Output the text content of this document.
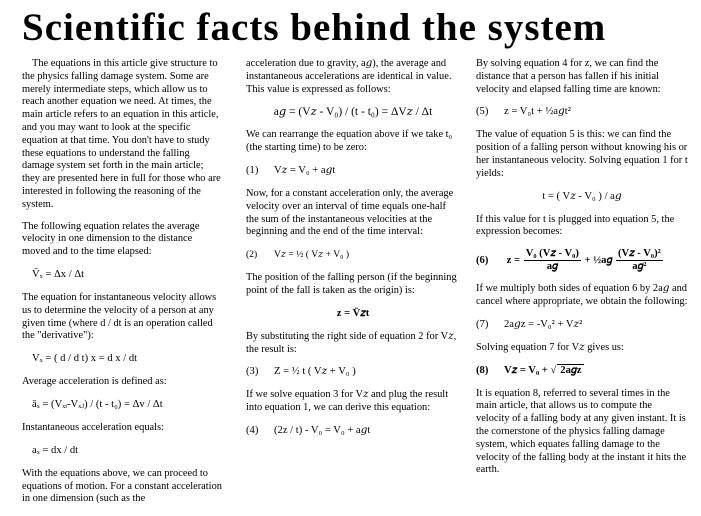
Scientific facts behind the system

The equations in this article give structure to the physics falling damage system. Some are merely intermediate steps, which allow us to reach another equation we need. At times, the main article refers to an equation in this article, and you may want to look at the specific equation at that time. You don't have to study these equations to understand the falling damage system set forth in the main article; they are presented here in full for those who are interested in following the reasoning of the system.

The following equation relates the average velocity in one dimension to the distance moved and to the time elapsed:

V̄ₓ = Δx / Δt

The equation for instantaneous velocity allows us to determine the velocity of a person at any given time (where d / dt is an operation called the "derivative"):

Vₓ = ( d / d t) x = d x / dt

Average acceleration is defined as:

āₓ = (Vₓᵢ-Vₓⱼ) / (t - t₀) = Δv / Δt

Instantaneous acceleration equals:

aₓ = dx / dt

With the equations above, we can proceed to equations of motion. For a constant acceleration in one dimension (such as the

acceleration due to gravity, a𝑔), the average and instantaneous accelerations are identical in value. This value is expressed as follows:

a𝑔 = (V𝑧 - V₀) / (t - t₀) = ΔV𝑧 / Δt

We can rearrange the equation above if we take t₀ (the starting time) to be zero:

(1) V𝑧 = V₀ + a𝑔t

Now, for a constant acceleration only, the average velocity over an interval of time equals one-half the sum of the instantaneous velocities at the beginning and the end of the time interval:

(2) V𝑧 = ½ ( V𝑧 + V₀ )

The position of the falling person (if the beginning point of the fall is taken as the origin) is:

z = V̄𝑧t

By substituting the right side of equation 2 for V𝑧, the result is:

(3) Z = ½ t ( V𝑧 + V₀ )

If we solve equation 3 for V𝑧 and plug the result into equation 1, we can derive this equation:

(4) (2z / t) - V₀ = V₀ + a𝑔t

By solving equation 4 for z, we can find the distance that a person has fallen if his initial velocity and elapsed falling time are known:

(5) z = V₀t + ½a𝑔t²

The value of equation 5 is this: we can find the position of a falling person without knowing his or her instantaneous velocity. Solving equation 1 for t yields:

t = ( V𝑧 - V₀ ) / a𝑔

If this value for t is plugged into equation 5, the expression becomes:

(6) $z = \frac{\text{V₀ (V𝑧 - V₀)}}{\text{a𝑔}}$ + ½a𝑔 $\frac{\text{(V𝑧 - V₀)²}}{\text{a𝑔²}}$

If we multiply both sides of equation 6 by 2a𝑔 and cancel where appropriate, we obtain the following:

(7) 2a𝑔z = -V₀² + V𝑧²

Solving equation 7 for V𝑧 gives us:

(8) V𝑧 = V₀ + √ 2a𝑔z

It is equation 8, referred to several times in the main article, that allows us to compute the velocity of a falling body at any given instant. It is the cornerstone of the physics falling damage system, which equates falling damage to the velocity of the falling body at the instant it hits the earth.
